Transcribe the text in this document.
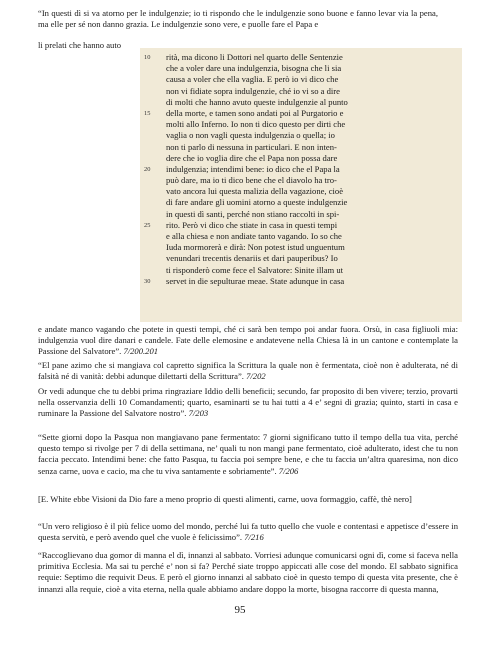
“In questi dì si va atorno per le indulgenzie; io ti rispondo che le indulgenzie sono buone e fanno levar via la pena, ma elle per sé non danno grazia. Le indulgenzie sono vere, e puolle fare el Papa e

li prelati che hanno auto

10 rità, ma dicono li Dottori nel quarto delle Sentenzie
che a voler dare una indulgenzia, bisogna che li sia
causa a voler che ella vaglia. E però io vi dico che
non vi fidiate sopra indulgenzie, ché io vi so a dire
di molti che hanno avuto queste indulgenzie al punto
15 della morte, e tamen sono andati poi al Purgatorio e
molti allo Inferno. Io non ti dico questo per dirti che
vaglia o non vagli questa indulgenzia o quella; io
non ti parlo di nessuna in particulari. E non inten-
dere che io voglia dire che el Papa non possa dare
20 indulgenzia; intendimi bene: io dico che el Papa la
può dare, ma io ti dico bene che el diavolo ha tro-
vato ancora lui questa malizia della vagazione, cioè
di fare andare gli uomini atorno a queste indulgenzie
in questi dì santi, perché non stiano raccolti in spi-
25 rito. Però vi dico che stiate in casa in questi tempi
e alla chiesa e non andiate tanto vagando. Io so che
Iuda mormorerà e dirà: Non potest istud unguentum
venundari trecentis denariis et dari pauperibus? Io
ti risponderò come fece el Salvatore: Sinite illam ut
30 servet in die sepulturae meae. State adunque in casa

e andate manco vagando che potete in questi tempi, ché ci sarà ben tempo poi andar fuora. Orsù, in casa figliuoli mia: indulgenzia vuol dire danari e candele. Fate delle elemosine e andatevene nella Chiesa là in un cantone e contemplate la Passione del Salvatore”. 7/200.201

“El pane azimo che si mangiava col capretto significa la Scrittura la quale non è fermentata, cioè non è adulterata, né di falsità né di vanità: debbi adunque dilettarti della Scrittura”. 7/202

Or vedi adunque che tu debbi prima ringraziare Iddio delli beneficii; secundo, far proposito di ben vivere; terzio, provarti nella osservanzia delli 10 Comandamenti; quarto, esaminarti se tu hai tutti a 4 e’ segni di grazia; quinto, starti in casa e ruminare la Passione del Salvatore nostro”. 7/203

“Sette giorni dopo la Pasqua non mangiavano pane fermentato: 7 giorni significano tutto il tempo della tua vita, perché questo tempo si rivolge per 7 di della settimana, ne’ quali tu non mangi pane fermentato, cioè adulterato, idest che tu non faccia peccato. Intendimi bene: che fatto Pasqua, tu faccia poi sempre bene, e che tu faccia un’altra quaresima, non dico senza carne, uova e cacio, ma che tu viva santamente e sobriamente”. 7/206

[E. White ebbe Visioni da Dio fare a meno proprio di questi alimenti, carne, uova formaggio, caffè, thè nero]

“Un vero religioso è il più felice uomo del mondo, perché lui fa tutto quello che vuole e contentasi e appetisce d’essere in questa servitù, e però avendo quel che vuole è felicissimo”. 7/216

“Raccoglievano dua gomor di manna el dì, innanzi al sabbato. Vorriesi adunque comunicarsi ogni dì, come si faceva nella primitiva Ecclesia. Ma sai tu perché e’ non si fa? Perché siate troppo appiccati alle cose del mondo. El sabbato significa requie: Septimo die requivit Deus. E però el giorno innanzi al sabbato cioè in questo tempo di questa vita presente, che è innanzi alla requie, cioè a vita eterna, nella quale abbiamo andare doppo la morte, bisogna raccorre di questa manna,

95
